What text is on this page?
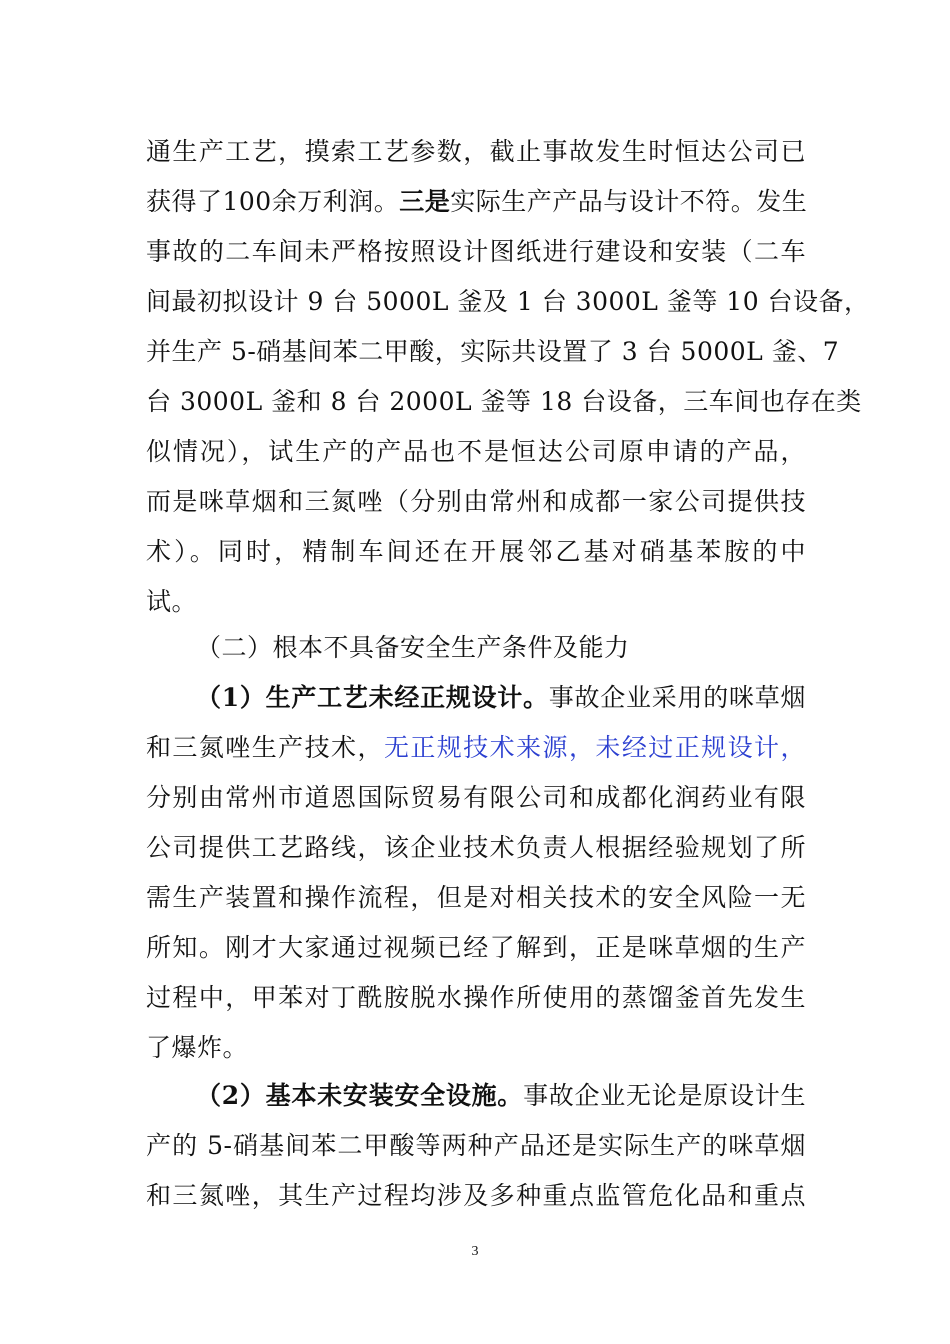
通生产工艺，摸索工艺参数，截止事故发生时恒达公司已
获得了100余万利润。三是实际生产产品与设计不符。发生
事故的二车间未严格按照设计图纸进行建设和安装（二车
间最初拟设计 9 台 5000L 釜及 1 台 3000L 釜等 10 台设备，
并生产 5-硝基间苯二甲酸，实际共设置了 3 台 5000L 釜、7
台 3000L 釜和 8 台 2000L 釜等 18 台设备，三车间也存在类
似情况），试生产的产品也不是恒达公司原申请的产品，
而是咪草烟和三氮唑（分别由常州和成都一家公司提供技
术）。同时，精制车间还在开展邻乙基对硝基苯胺的中
试。
（二）根本不具备安全生产条件及能力
（1）生产工艺未经正规设计。事故企业采用的咪草烟
和三氮唑生产技术，无正规技术来源，未经过正规设计，
分别由常州市道恩国际贸易有限公司和成都化润药业有限
公司提供工艺路线，该企业技术负责人根据经验规划了所
需生产装置和操作流程，但是对相关技术的安全风险一无
所知。刚才大家通过视频已经了解到，正是咪草烟的生产
过程中，甲苯对丁酰胺脱水操作所使用的蒸馏釜首先发生
了爆炸。
（2）基本未安装安全设施。事故企业无论是原设计生
产的 5-硝基间苯二甲酸等两种产品还是实际生产的咪草烟
和三氮唑，其生产过程均涉及多种重点监管危化品和重点
3
